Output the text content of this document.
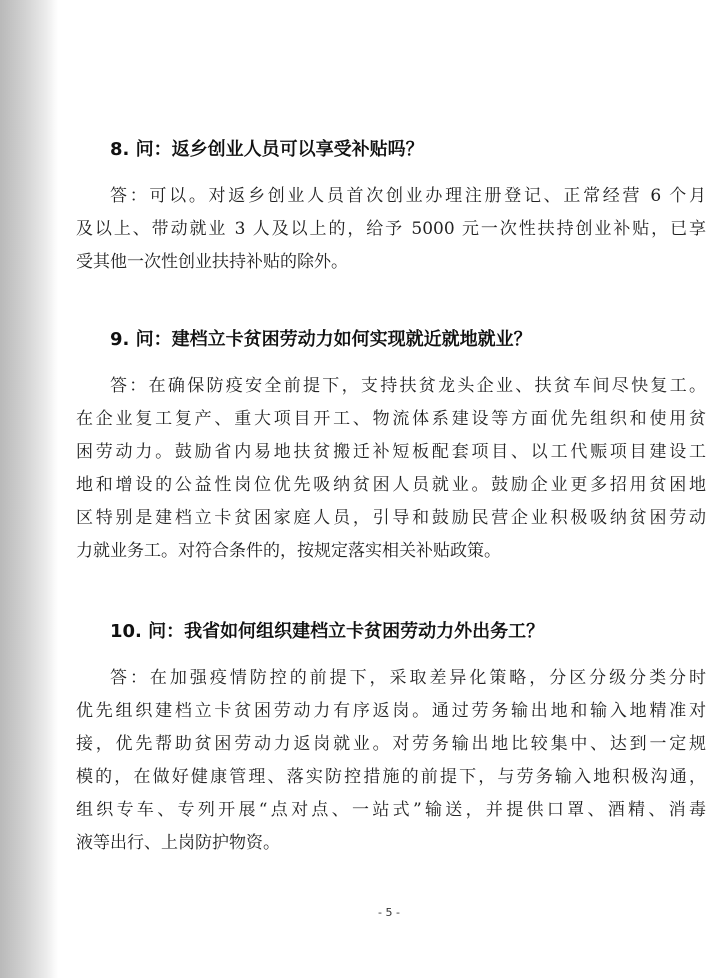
8. 问：返乡创业人员可以享受补贴吗？

答：可以。对返乡创业人员首次创业办理注册登记、正常经营 6 个月
及以上、带动就业 3 人及以上的，给予 5000 元一次性扶持创业补贴，已享
受其他一次性创业扶持补贴的除外。

9. 问：建档立卡贫困劳动力如何实现就近就地就业？

答：在确保防疫安全前提下，支持扶贫龙头企业、扶贫车间尽快复工。
在企业复工复产、重大项目开工、物流体系建设等方面优先组织和使用贫
困劳动力。鼓励省内易地扶贫搬迁补短板配套项目、以工代赈项目建设工
地和增设的公益性岗位优先吸纳贫困人员就业。鼓励企业更多招用贫困地
区特别是建档立卡贫困家庭人员，引导和鼓励民营企业积极吸纳贫困劳动
力就业务工。对符合条件的，按规定落实相关补贴政策。

10. 问：我省如何组织建档立卡贫困劳动力外出务工？

答：在加强疫情防控的前提下，采取差异化策略，分区分级分类分时
优先组织建档立卡贫困劳动力有序返岗。通过劳务输出地和输入地精准对
接，优先帮助贫困劳动力返岗就业。对劳务输出地比较集中、达到一定规
模的，在做好健康管理、落实防控措施的前提下，与劳务输入地积极沟通，
组织专车、专列开展“点对点、一站式”输送，并提供口罩、酒精、消毒
液等出行、上岗防护物资。

- 5 -
